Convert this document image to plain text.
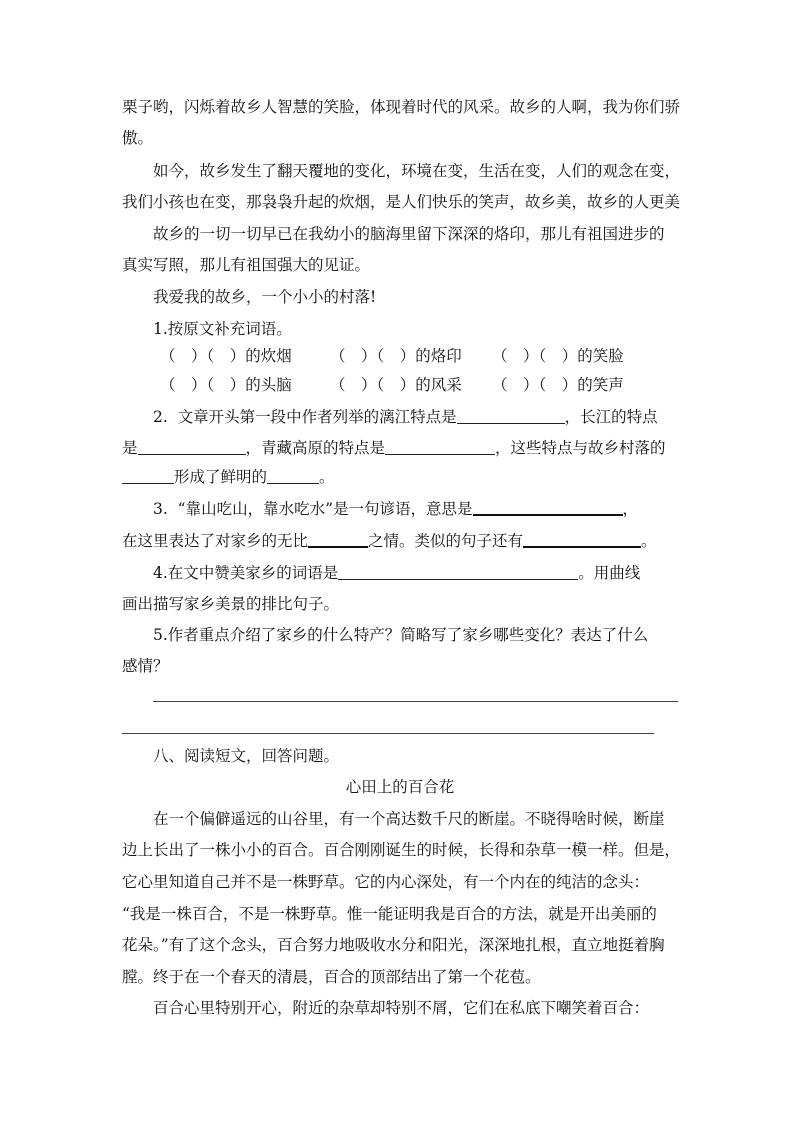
栗子哟，闪烁着故乡人智慧的笑脸，体现着时代的风采。故乡的人啊，我为你们骄
傲。
如今，故乡发生了翻天覆地的变化，环境在变，生活在变，人们的观念在变，
我们小孩也在变，那袅袅升起的炊烟，是人们快乐的笑声，故乡美，故乡的人更美
故乡的一切一切早已在我幼小的脑海里留下深深的烙印，那儿有祖国进步的
真实写照，那儿有祖国强大的见证。
我爱我的故乡，一个小小的村落!
1.按原文补充词语。
（　）（　）的炊烟 （　）（　）的烙印 （　）（　）的笑脸
（　）（　）的头脑 （　）（　）的风采 （　）（　）的笑声
2.  文章开头第一段中作者列举的漓江特点是	，长江的特点
是	，青藏高原的特点是	，这些特点与故乡村落的
形成了鲜明的	。
3.  “靠山吃山，靠水吃水”是一句谚语，意思是	，
在这里表达了对家乡的无比	之情。类似的句子还有	。
4.在文中赞美家乡的词语是	。用曲线
画出描写家乡美景的排比句子。
5.作者重点介绍了家乡的什么特产？简略写了家乡哪些变化？表达了什么
感情？
八、阅读短文，回答问题。
心田上的百合花
在一个偏僻遥远的山谷里，有一个高达数千尺的断崖。不晓得啥时候，断崖
边上长出了一株小小的百合。百合刚刚诞生的时候，长得和杂草一模一样。但是，
它心里知道自己并不是一株野草。它的内心深处，有一个内在的纯洁的念头：
“我是一株百合，不是一株野草。惟一能证明我是百合的方法，就是开出美丽的
花朵。”有了这个念头，百合努力地吸收水分和阳光，深深地扎根，直立地挺着胸
膛。终于在一个春天的清晨，百合的顶部结出了第一个花苞。
百合心里特别开心，附近的杂草却特别不屑，它们在私底下嘲笑着百合：
